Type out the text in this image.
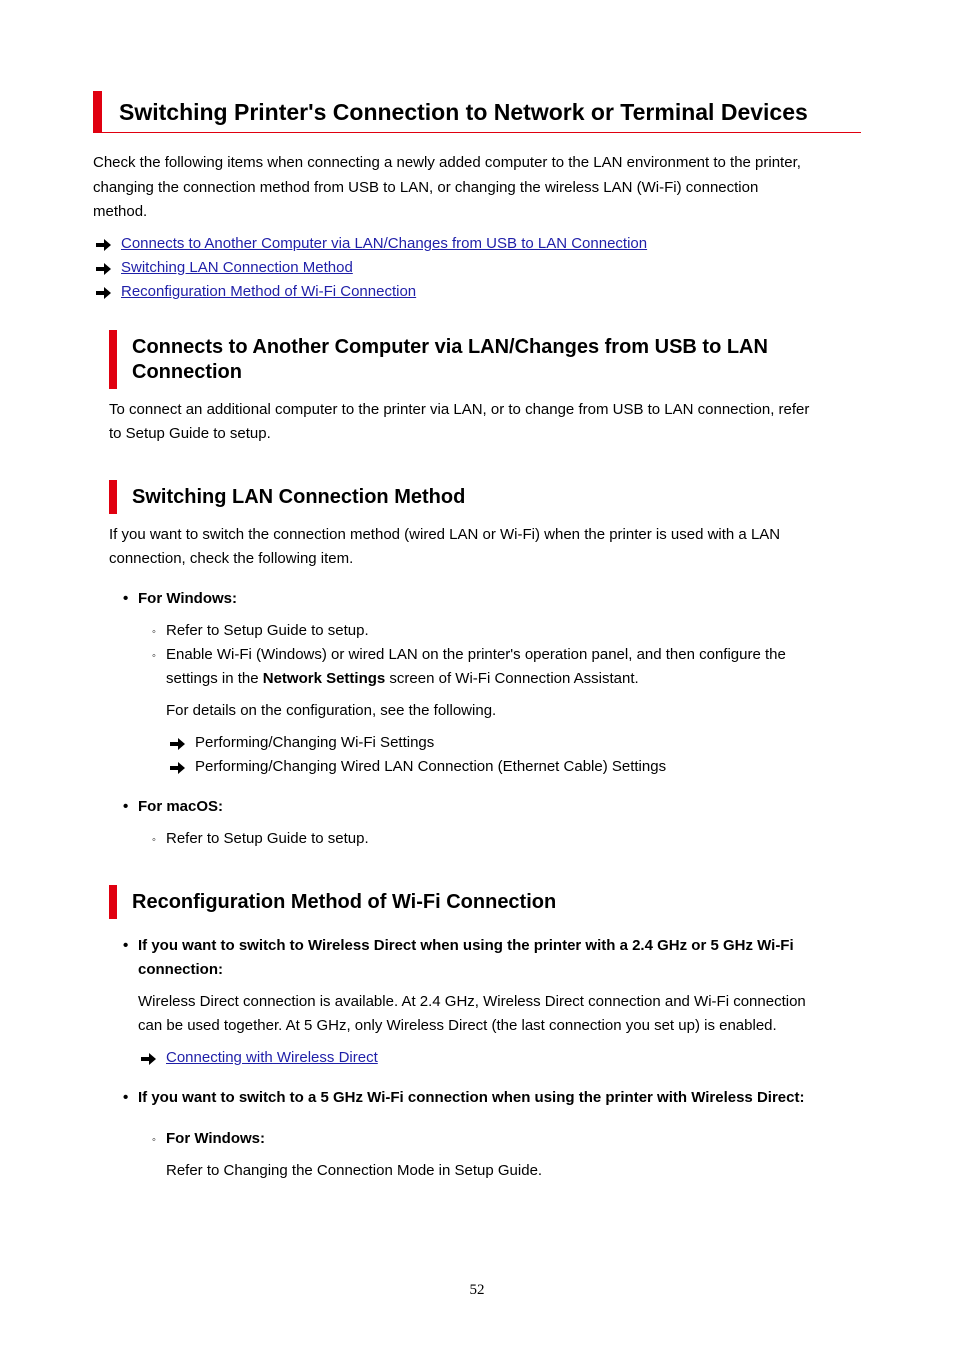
Switching Printer's Connection to Network or Terminal Devices
Check the following items when connecting a newly added computer to the LAN environment to the printer,
changing the connection method from USB to LAN, or changing the wireless LAN (Wi-Fi) connection
method.
Connects to Another Computer via LAN/Changes from USB to LAN Connection
Switching LAN Connection Method
Reconfiguration Method of Wi-Fi Connection
Connects to Another Computer via LAN/Changes from USB to LAN
Connection
To connect an additional computer to the printer via LAN, or to change from USB to LAN connection, refer
to Setup Guide to setup.
Switching LAN Connection Method
If you want to switch the connection method (wired LAN or Wi-Fi) when the printer is used with a LAN
connection, check the following item.
• For Windows:
◦ Refer to Setup Guide to setup.
◦ Enable Wi-Fi (Windows) or wired LAN on the printer's operation panel, and then configure the
settings in the Network Settings screen of Wi-Fi Connection Assistant.
For details on the configuration, see the following.
Performing/Changing Wi-Fi Settings
Performing/Changing Wired LAN Connection (Ethernet Cable) Settings
• For macOS:
◦ Refer to Setup Guide to setup.
Reconfiguration Method of Wi-Fi Connection
• If you want to switch to Wireless Direct when using the printer with a 2.4 GHz or 5 GHz Wi-Fi
connection:
Wireless Direct connection is available. At 2.4 GHz, Wireless Direct connection and Wi-Fi connection
can be used together. At 5 GHz, only Wireless Direct (the last connection you set up) is enabled.
Connecting with Wireless Direct
• If you want to switch to a 5 GHz Wi-Fi connection when using the printer with Wireless Direct:
◦ For Windows:
Refer to Changing the Connection Mode in Setup Guide.
52
